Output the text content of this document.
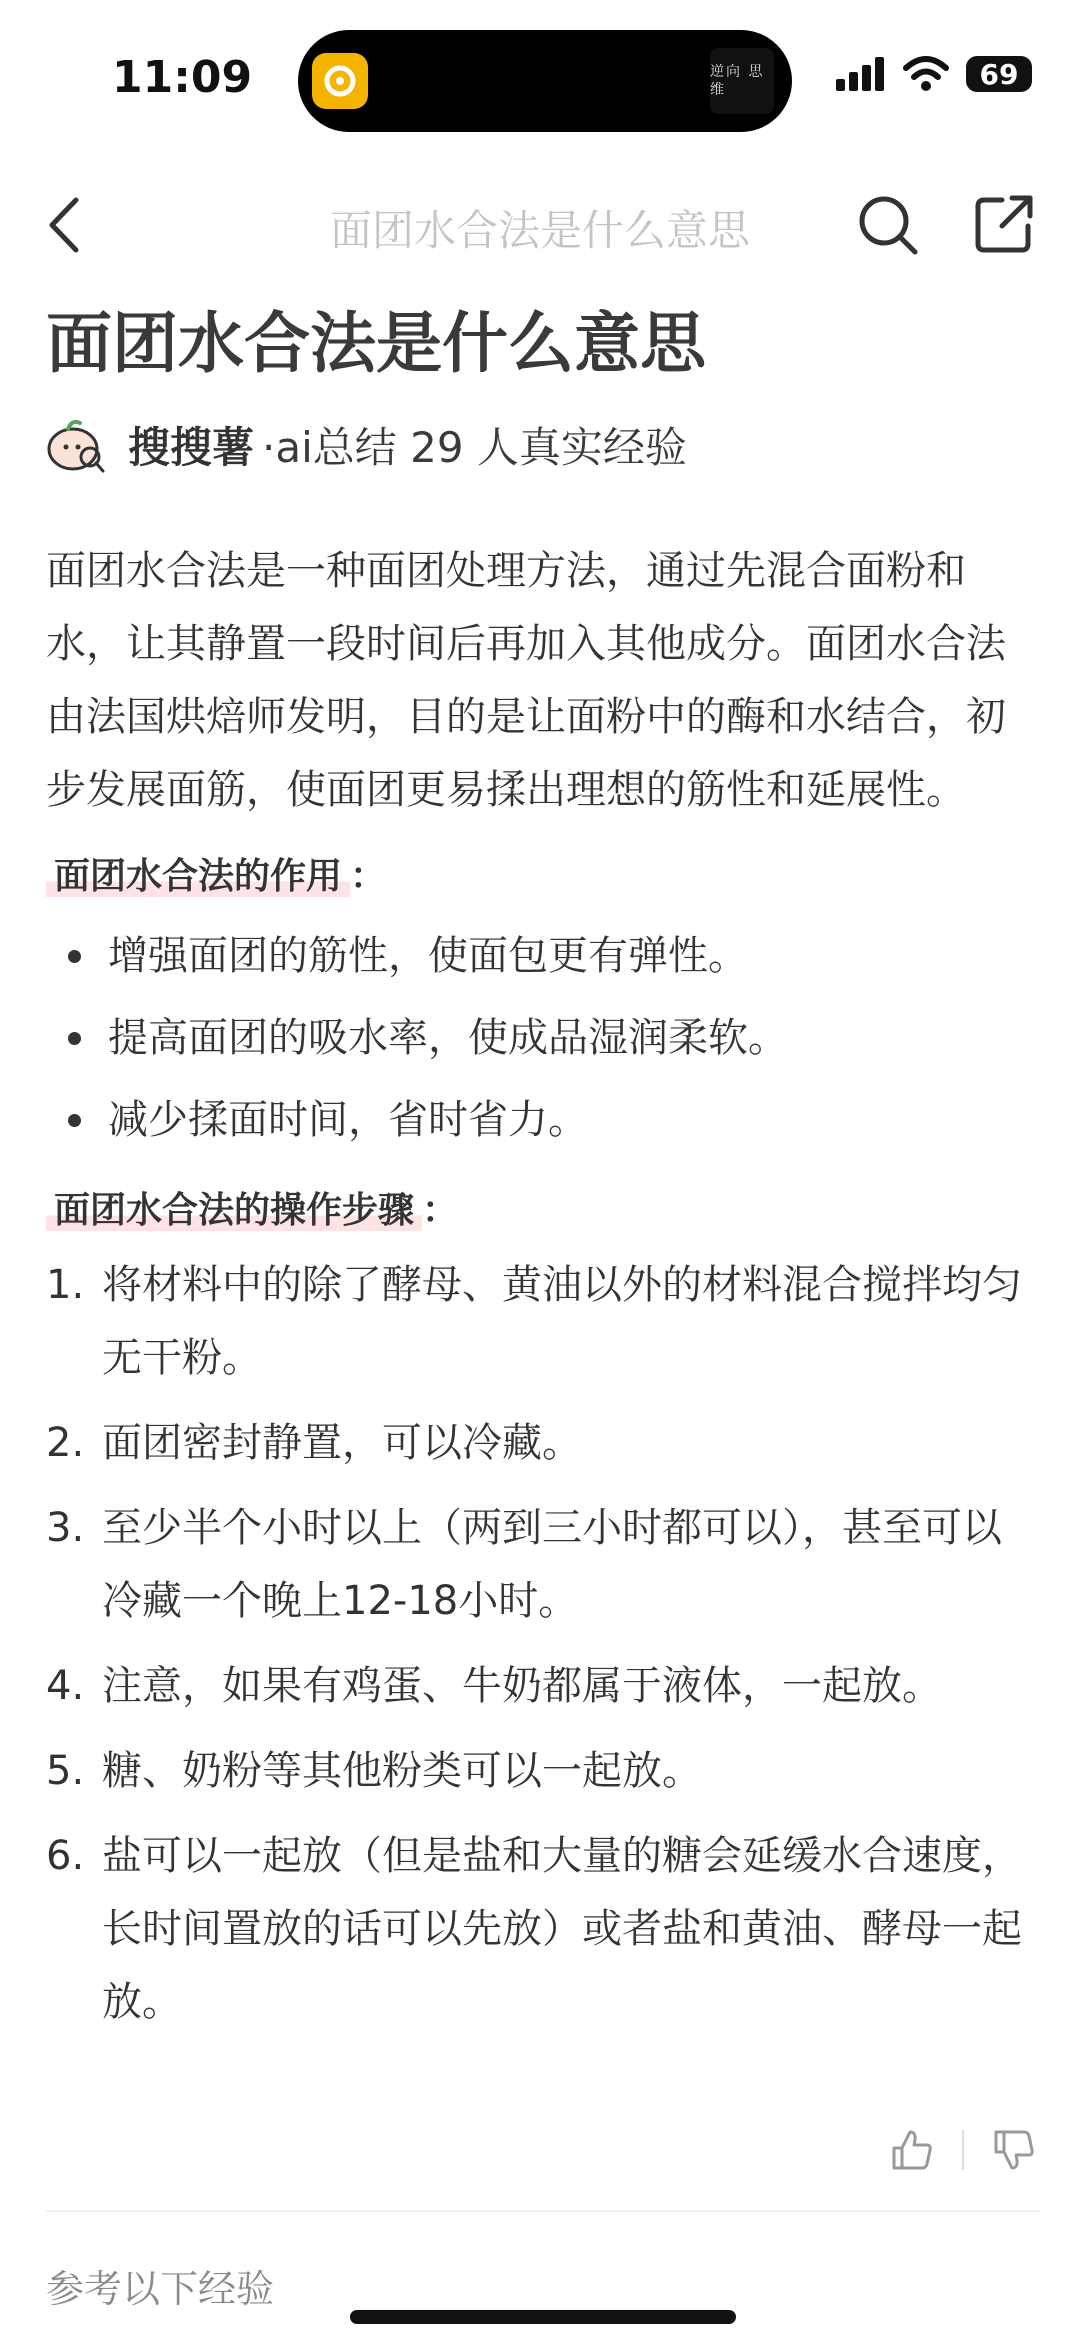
11:09	逆向 思维	69
面团水合法是什么意思
面团水合法是什么意思
搜搜薯 ·ai总结 29 人真实经验

面团水合法是一种面团处理方法，通过先混合面粉和水，让其静置一段时间后再加入其他成分。面团水合法由法国烘焙师发明，目的是让面粉中的酶和水结合，初步发展面筋，使面团更易揉出理想的筋性和延展性。

面团水合法的作用 ：
增强面团的筋性，使面包更有弹性。
提高面团的吸水率，使成品湿润柔软。
减少揉面时间，省时省力。
面团水合法的操作步骤 ：
1. 将材料中的除了酵母、黄油以外的材料混合搅拌均匀无干粉。
2. 面团密封静置，可以冷藏。
3. 至少半个小时以上（两到三小时都可以），甚至可以冷藏一个晚上12-18小时。
4. 注意，如果有鸡蛋、牛奶都属于液体，一起放。
5. 糖、奶粉等其他粉类可以一起放。
6. 盐可以一起放（但是盐和大量的糖会延缓水合速度，长时间置放的话可以先放）或者盐和黄油、酵母一起放。
参考以下经验
